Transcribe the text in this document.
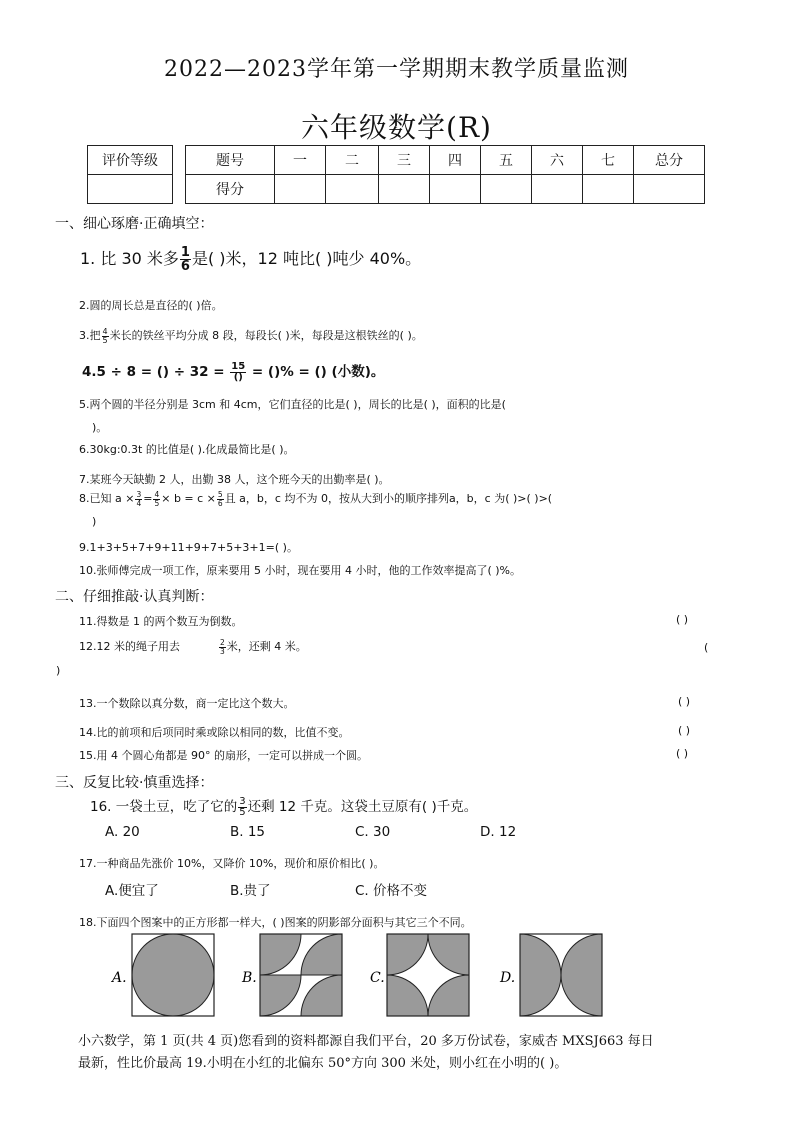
2022—2023学年第一学期期末教学质量监测
六年级数学(R)
评价等级		题号	一	二	三	四	五	六	七	总分
		得分								
一、细心琢磨·正确填空：
1. 比 30 米多 $\frac{1}{6}$ 是( )米，12 吨比( )吨少 40%。
2.圆的周长总是直径的( )倍。
3.把 $\frac{4}{5}$ 米长的铁丝平均分成 8 段，每段长( )米，每段是这根铁丝的( )。
4.5 ÷ 8 = () ÷ $32 = \frac{15}{()}$ = ()% = () (小数)。
5.两个圆的半径分别是 3cm 和 4cm，它们直径的比是( )，周长的比是( )，面积的比是(
)。
6.30kg:0.3t 的比值是( ).化成最简比是( )。
7.某班今天缺勤 2 人，出勤 38 人，这个班今天的出勤率是( )。
8.已知 $a \times \frac{3}{4} = \frac{4}{5} \times b = c \times \frac{5}{6}$ 且 a，b，c 均不为 0，按从大到小的顺序排列a，b，c 为( )>( )>(
)
9.1+3+5+7+9+11+9+7+5+3+1=( )。
10.张师傅完成一项工作，原来要用 5 小时，现在要用 4 小时，他的工作效率提高了( )%。
二、仔细推敲·认真判断：
11.得数是 1 的两个数互为倒数。	( )
12.12 米的绳子用去	$\frac{2}{3}$ 米，还剩 4 米。	(
)
13.一个数除以真分数，商一定比这个数大。	( )
14.比的前项和后项同时乘或除以相同的数，比值不变。	( )
15.用 4 个圆心角都是 90° 的扇形，一定可以拼成一个圆。	( )
三、反复比较·慎重选择：
16. 一袋土豆，吃了它的 $\frac{3}{5}$ 还剩 12 千克。这袋土豆原有( )千克。
A. 20	B. 15	C. 30	D. 12
17.一种商品先涨价 10%，又降价 10%，现价和原价相比( )。
A.便宜了	B.贵了	C. 价格不变
18.下面四个图案中的正方形都一样大，( )图案的阴影部分面积与其它三个不同。
A.	B.	C.	D.
小六数学，第 1 页(共 4 页)您看到的资料都源自我们平台，20 多万份试卷，家威杏 MXSJ663 每日
最新，性比价最高 19.小明在小红的北偏东 50°方向 300 米处，则小红在小明的( )。
